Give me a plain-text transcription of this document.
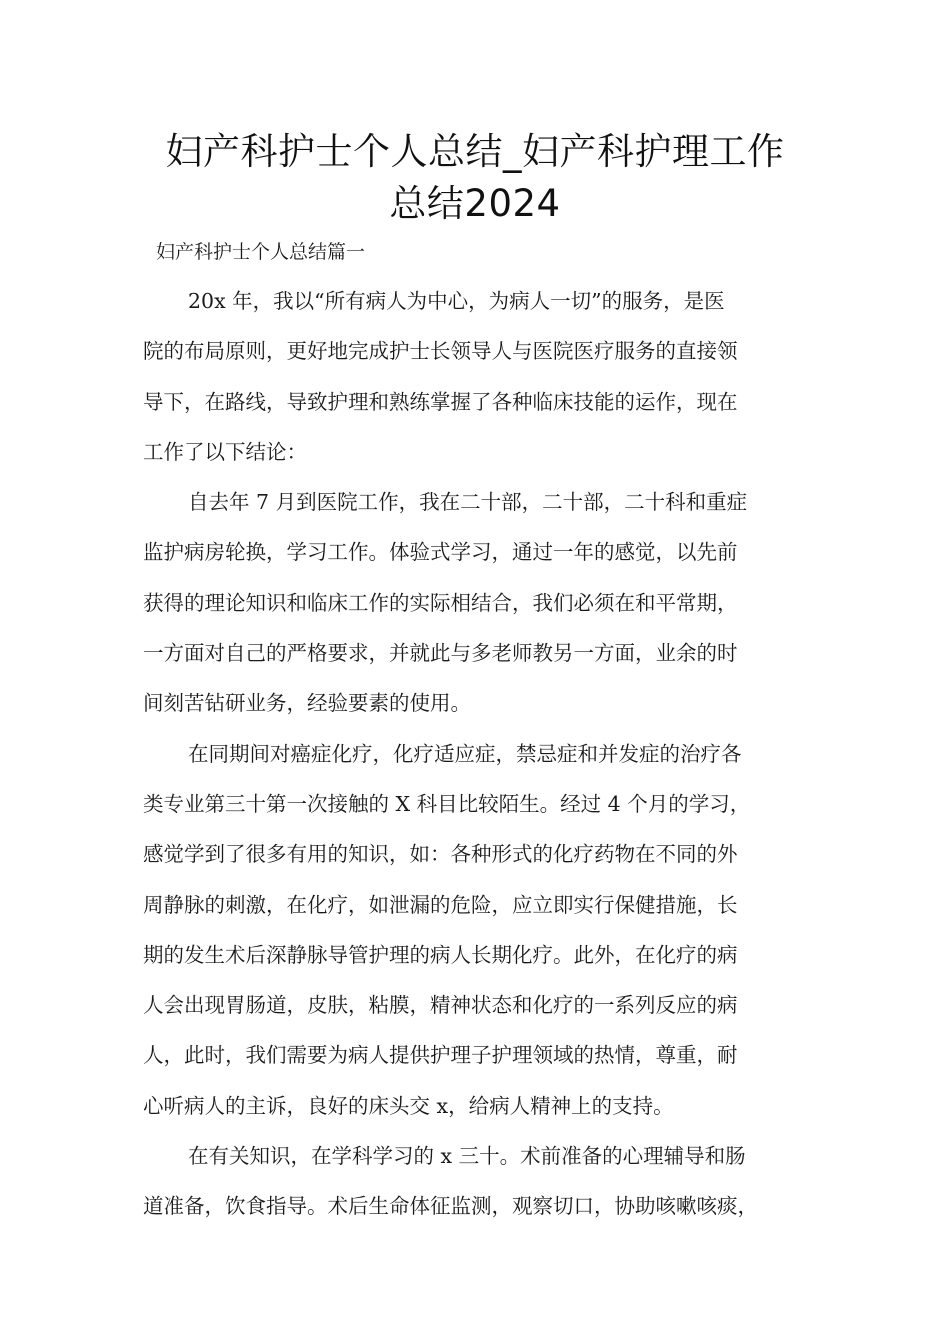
妇产科护士个人总结_妇产科护理工作
总结2024

妇产科护士个人总结篇一

20x 年，我以“所有病人为中心，为病人一切”的服务，是医
院的布局原则，更好地完成护士长领导人与医院医疗服务的直接领
导下，在路线，导致护理和熟练掌握了各种临床技能的运作，现在
工作了以下结论：

自去年 7 月到医院工作，我在二十部，二十部，二十科和重症
监护病房轮换，学习工作。体验式学习，通过一年的感觉，以先前
获得的理论知识和临床工作的实际相结合，我们必须在和平常期，
一方面对自己的严格要求，并就此与多老师教另一方面，业余的时
间刻苦钻研业务，经验要素的使用。

在同期间对癌症化疗，化疗适应症，禁忌症和并发症的治疗各
类专业第三十第一次接触的 X 科目比较陌生。经过 4 个月的学习，
感觉学到了很多有用的知识，如：各种形式的化疗药物在不同的外
周静脉的刺激，在化疗，如泄漏的危险，应立即实行保健措施，长
期的发生术后深静脉导管护理的病人长期化疗。此外，在化疗的病
人会出现胃肠道，皮肤，粘膜，精神状态和化疗的一系列反应的病
人，此时，我们需要为病人提供护理子护理领域的热情，尊重，耐
心听病人的主诉，良好的床头交 x，给病人精神上的支持。

在有关知识，在学科学习的 x 三十。术前准备的心理辅导和肠
道准备，饮食指导。术后生命体征监测，观察切口，协助咳嗽咳痰，
